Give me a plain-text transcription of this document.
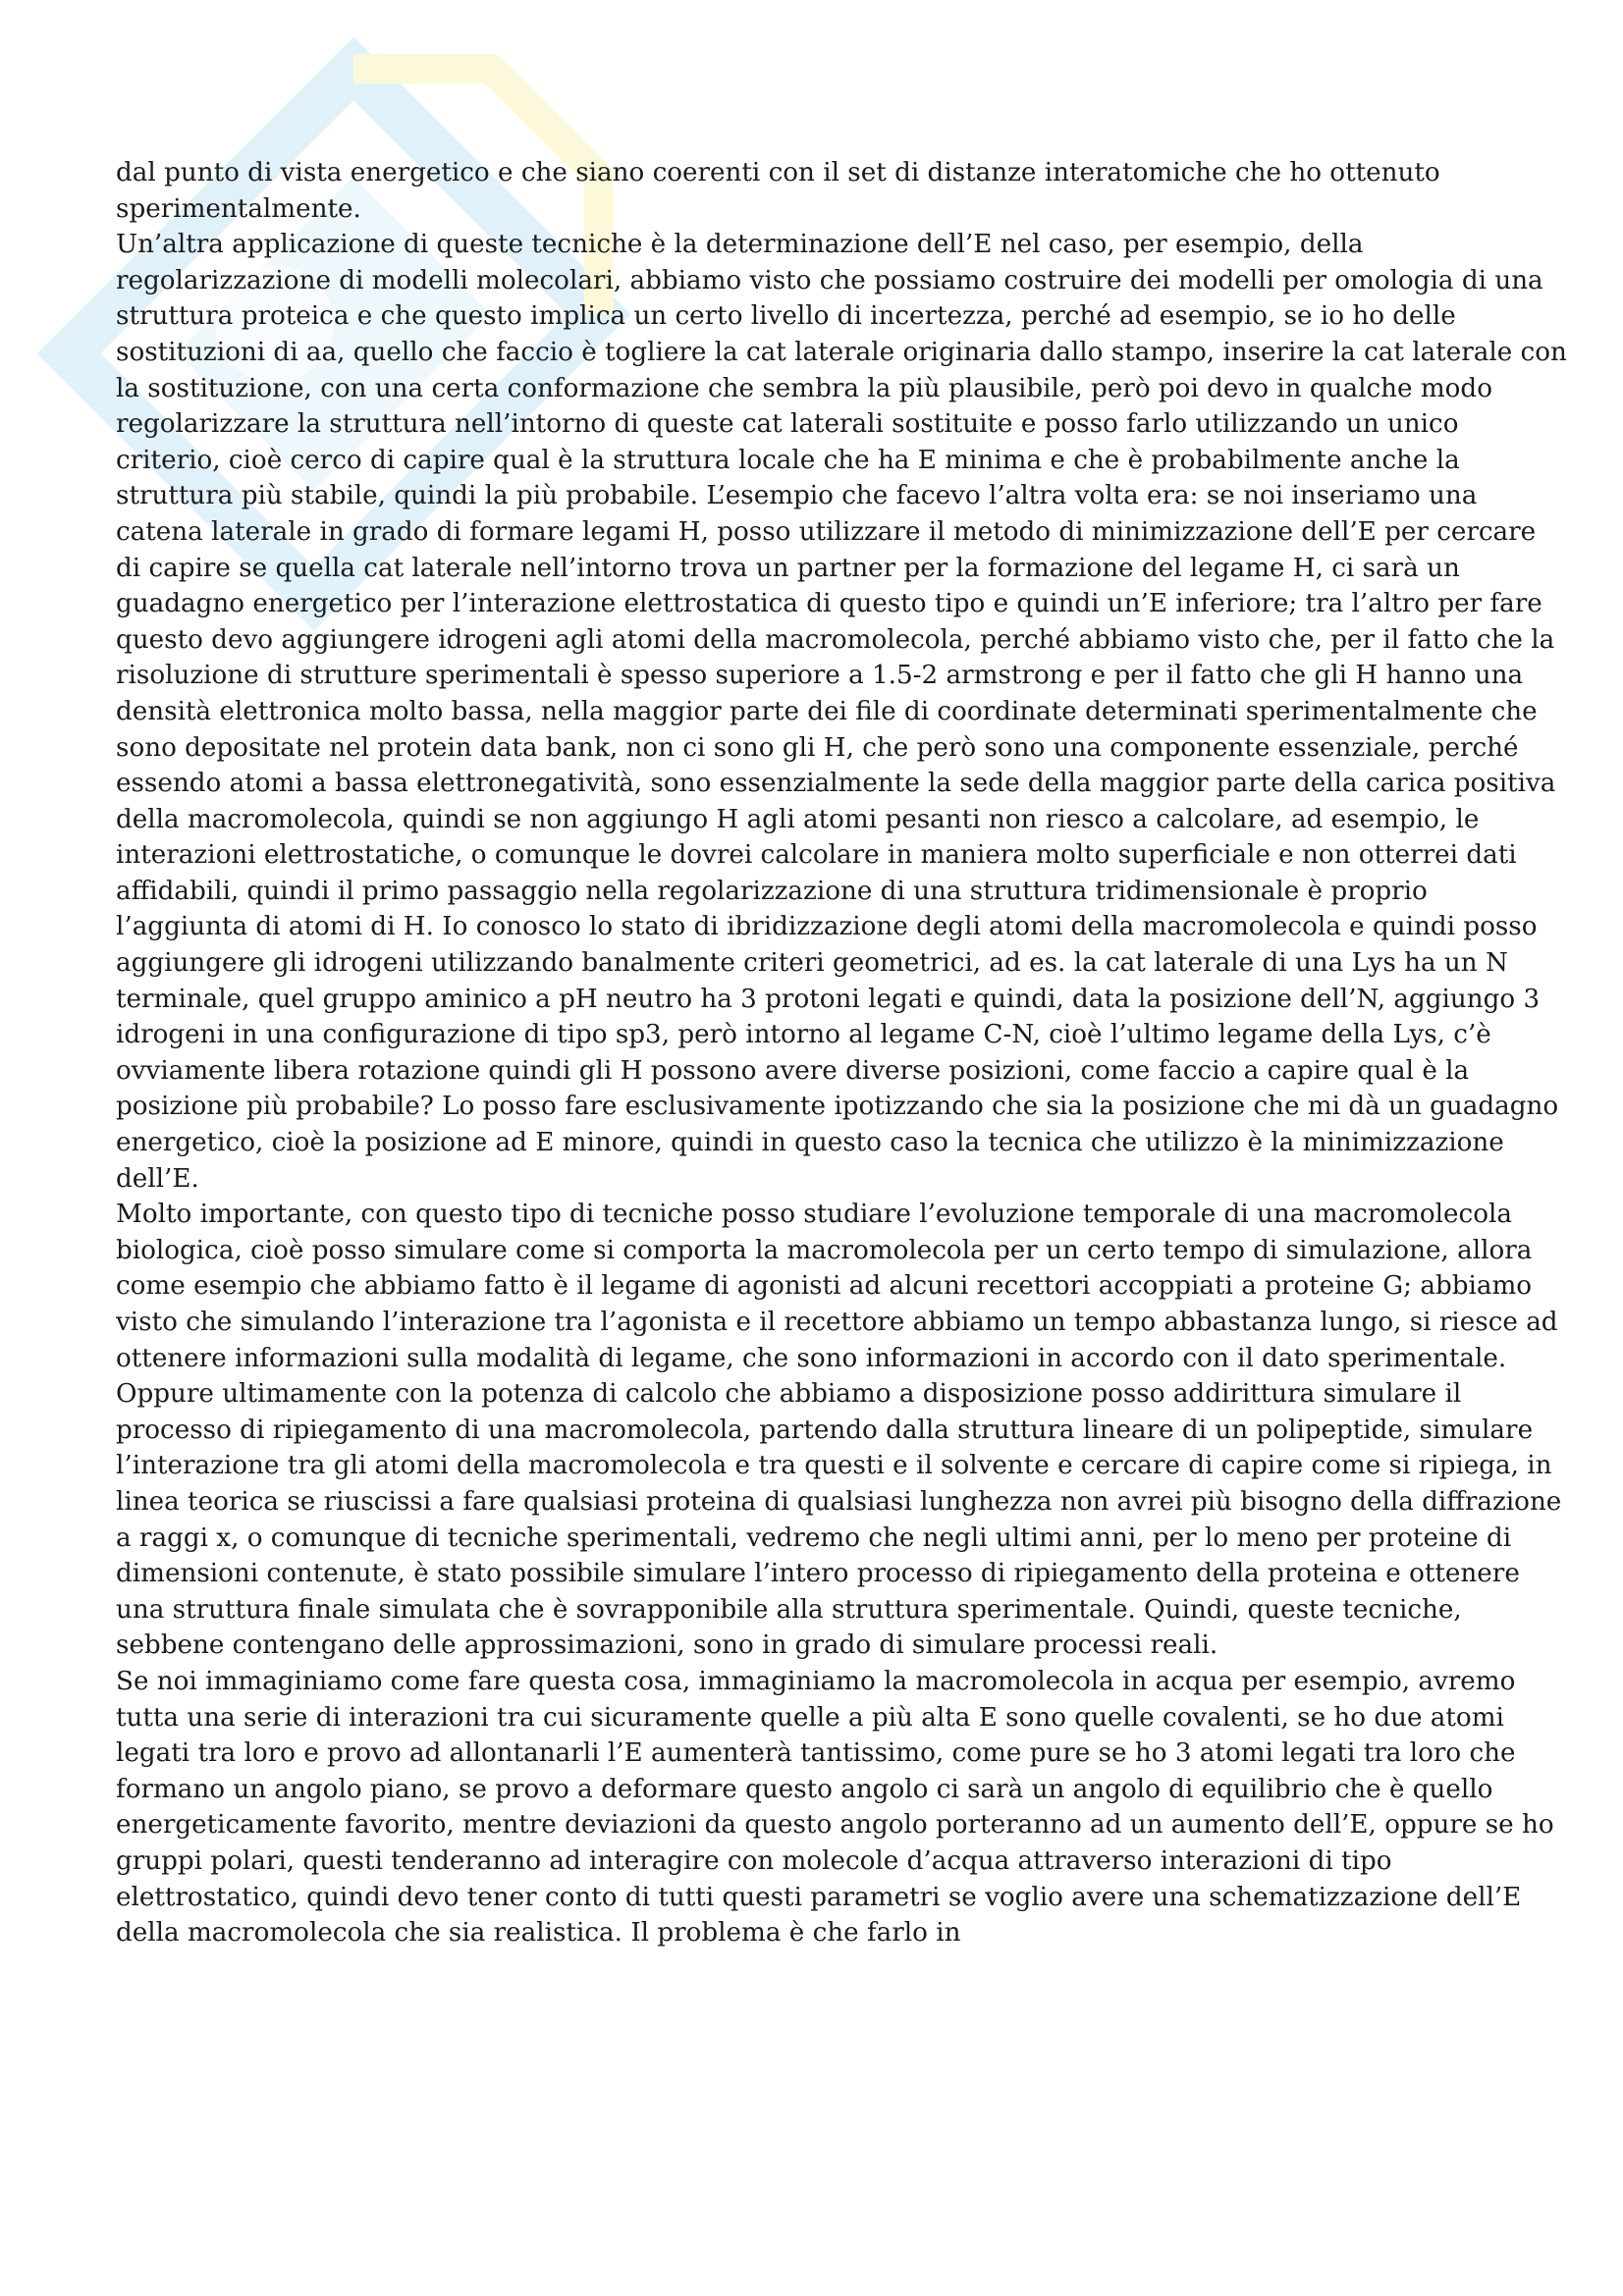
dal punto di vista energetico e che siano coerenti con il set di distanze interatomiche che ho ottenuto sperimentalmente.

Un’altra applicazione di queste tecniche è la determinazione dell’E nel caso, per esempio, della regolarizzazione di modelli molecolari, abbiamo visto che possiamo costruire dei modelli per omologia di una struttura proteica e che questo implica un certo livello di incertezza, perché ad esempio, se io ho delle sostituzioni di aa, quello che faccio è togliere la cat laterale originaria dallo stampo, inserire la cat laterale con la sostituzione, con una certa conformazione che sembra la più plausibile, però poi devo in qualche modo regolarizzare la struttura nell’intorno di queste cat laterali sostituite e posso farlo utilizzando un unico criterio, cioè cerco di capire qual è la struttura locale che ha E minima e che è probabilmente anche la struttura più stabile, quindi la più probabile. L’esempio che facevo l’altra volta era: se noi inseriamo una catena laterale in grado di formare legami H, posso utilizzare il metodo di minimizzazione dell’E per cercare di capire se quella cat laterale nell’intorno trova un partner per la formazione del legame H, ci sarà un guadagno energetico per l’interazione elettrostatica di questo tipo e quindi un’E inferiore; tra l’altro per fare questo devo aggiungere idrogeni agli atomi della macromolecola, perché abbiamo visto che, per il fatto che la risoluzione di strutture sperimentali è spesso superiore a 1.5-2 armstrong e per il fatto che gli H hanno una densità elettronica molto bassa, nella maggior parte dei file di coordinate determinati sperimentalmente che sono depositate nel protein data bank, non ci sono gli H, che però sono una componente essenziale, perché essendo atomi a bassa elettronegatività, sono essenzialmente la sede della maggior parte della carica positiva della macromolecola, quindi se non aggiungo H agli atomi pesanti non riesco a calcolare, ad esempio, le interazioni elettrostatiche, o comunque le dovrei calcolare in maniera molto superficiale e non otterrei dati affidabili, quindi il primo passaggio nella regolarizzazione di una struttura tridimensionale è proprio l’aggiunta di atomi di H. Io conosco lo stato di ibridizzazione degli atomi della macromolecola e quindi posso aggiungere gli idrogeni utilizzando banalmente criteri geometrici, ad es. la cat laterale di una Lys ha un N terminale, quel gruppo aminico a pH neutro ha 3 protoni legati e quindi, data la posizione dell’N, aggiungo 3 idrogeni in una configurazione di tipo sp3, però intorno al legame C-N, cioè l’ultimo legame della Lys, c’è ovviamente libera rotazione quindi gli H possono avere diverse posizioni, come faccio a capire qual è la posizione più probabile? Lo posso fare esclusivamente ipotizzando che sia la posizione che mi dà un guadagno energetico, cioè la posizione ad E minore, quindi in questo caso la tecnica che utilizzo è la minimizzazione dell’E.

Molto importante, con questo tipo di tecniche posso studiare l’evoluzione temporale di una macromolecola biologica, cioè posso simulare come si comporta la macromolecola per un certo tempo di simulazione, allora come esempio che abbiamo fatto è il legame di agonisti ad alcuni recettori accoppiati a proteine G; abbiamo visto che simulando l’interazione tra l’agonista e il recettore abbiamo un tempo abbastanza lungo, si riesce ad ottenere informazioni sulla modalità di legame, che sono informazioni in accordo con il dato sperimentale. Oppure ultimamente con la potenza di calcolo che abbiamo a disposizione posso addirittura simulare il processo di ripiegamento di una macromolecola, partendo dalla struttura lineare di un polipeptide, simulare l’interazione tra gli atomi della macromolecola e tra questi e il solvente e cercare di capire come si ripiega, in linea teorica se riuscissi a fare qualsiasi proteina di qualsiasi lunghezza non avrei più bisogno della diffrazione a raggi x, o comunque di tecniche sperimentali, vedremo che negli ultimi anni, per lo meno per proteine di dimensioni contenute, è stato possibile simulare l’intero processo di ripiegamento della proteina e ottenere una struttura finale simulata che è sovrapponibile alla struttura sperimentale. Quindi, queste tecniche, sebbene contengano delle approssimazioni, sono in grado di simulare processi reali.

Se noi immaginiamo come fare questa cosa, immaginiamo la macromolecola in acqua per esempio, avremo tutta una serie di interazioni tra cui sicuramente quelle a più alta E sono quelle covalenti, se ho due atomi legati tra loro e provo ad allontanarli l’E aumenterà tantissimo, come pure se ho 3 atomi legati tra loro che formano un angolo piano, se provo a deformare questo angolo ci sarà un angolo di equilibrio che è quello energeticamente favorito, mentre deviazioni da questo angolo porteranno ad un aumento dell’E, oppure se ho gruppi polari, questi tenderanno ad interagire con molecole d’acqua attraverso interazioni di tipo elettrostatico, quindi devo tener conto di tutti questi parametri se voglio avere una schematizzazione dell’E della macromolecola che sia realistica. Il problema è che farlo in
